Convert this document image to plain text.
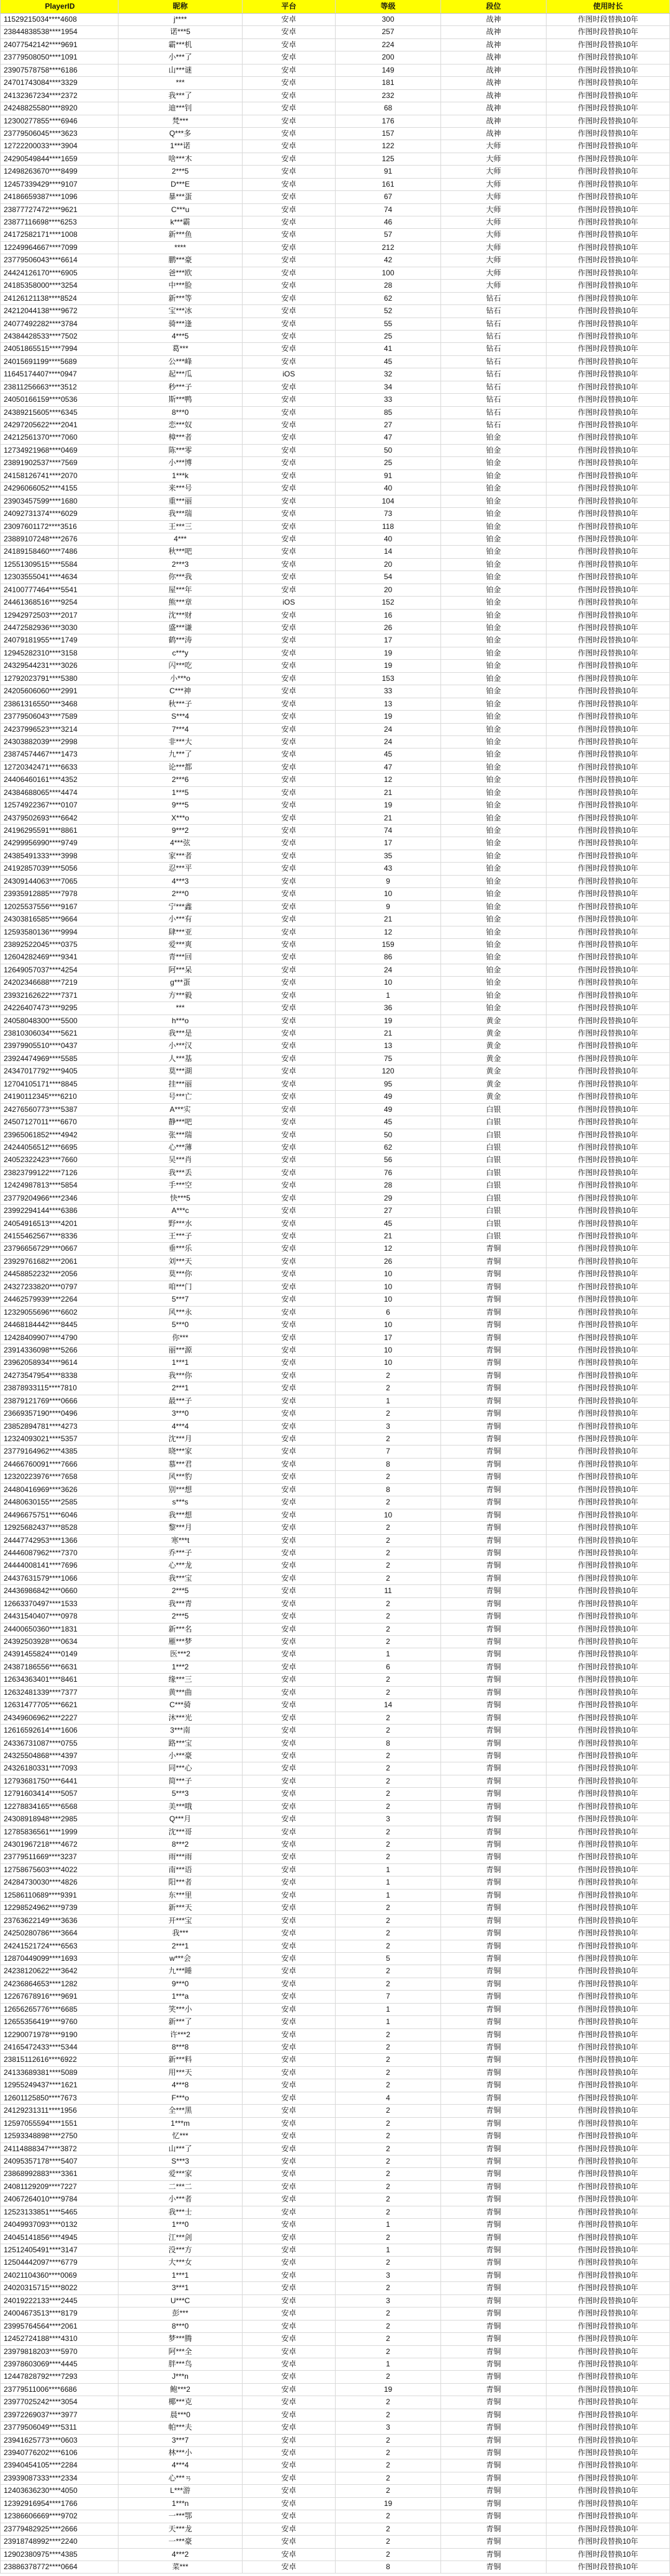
PlayerID	昵称	平台	等级	段位	使用时长
11529215034****4608	j****	安卓	300	战神	作图时段替换10年
23844838538****1954	诺***5	安卓	257	战神	作图时段替换10年
24077542142****9691	霸***机	安卓	224	战神	作图时段替换10年
23779508050****1091	小***了	安卓	200	战神	作图时段替换10年
23907578758****6186	山***谜	安卓	149	战神	作图时段替换10年
24701743084****3329	***	安卓	181	战神	作图时段替换10年
24132367234****2372	我***了	安卓	232	战神	作图时段替换10年
24248825580****8920	迪***钊	安卓	68	战神	作图时段替换10年
12300277855****6946	梵***	安卓	176	战神	作图时段替换10年
23779506045****3623	Q***多	安卓	157	战神	作图时段替换10年
12722200033****3904	1***诺	安卓	122	大师	作图时段替换10年
24290549844****1659	啥***木	安卓	125	大师	作图时段替换10年
12498263670****8499	2***5	安卓	91	大师	作图时段替换10年
12457339429****9107	D***E	安卓	161	大师	作图时段替换10年
24186659387****1096	暴***蛋	安卓	67	大师	作图时段替换10年
23877727472****9621	C***u	安卓	74	大师	作图时段替换10年
23877116698****6253	k***霸	安卓	46	大师	作图时段替换10年
24172582171****1008	新***鱼	安卓	57	大师	作图时段替换10年
12249964667****7099	****	安卓	212	大师	作图时段替换10年
23779506043****6614	鹏***豪	安卓	42	大师	作图时段替换10年
24424126170****6905	爸***欧	安卓	100	大师	作图时段替换10年
24185358000****3254	中***脸	安卓	28	大师	作图时段替换10年
24126121138****8524	新***等	安卓	62	钻石	作图时段替换10年
24212044138****9672	宝***冰	安卓	52	钻石	作图时段替换10年
24077492282****3784	骑***逢	安卓	55	钻石	作图时段替换10年
24384428533****7502	4***5	安卓	25	钻石	作图时段替换10年
24051865515****7994	葛***	安卓	41	钻石	作图时段替换10年
24015691199****5689	公***峰	安卓	45	钻石	作图时段替换10年
11645174407****0947	起***瓜	iOS	32	钻石	作图时段替换10年
23811256663****3512	秒***子	安卓	34	钻石	作图时段替换10年
24050166159****0536	斯***鸭	安卓	33	钻石	作图时段替换10年
24389215605****6345	8***0	安卓	85	钻石	作图时段替换10年
24297205622****2041	恋***奴	安卓	27	钻石	作图时段替换10年
24212561370****7060	樟***者	安卓	47	铂金	作图时段替换10年
12734921968****0469	陈***零	安卓	50	铂金	作图时段替换10年
23891902537****7569	小***博	安卓	25	铂金	作图时段替换10年
24158126741****2070	1***k	安卓	91	铂金	作图时段替换10年
24296066052****4155	来***号	安卓	40	铂金	作图时段替换10年
23903457599****1680	重***丽	安卓	104	铂金	作图时段替换10年
24092731374****6029	我***瑞	安卓	73	铂金	作图时段替换10年
23097601172****3516	王***三	安卓	118	铂金	作图时段替换10年
23889107248****2676	4***	安卓	40	铂金	作图时段替换10年
24189158460****7486	秋***吧	安卓	14	铂金	作图时段替换10年
12551309515****5584	2***3	安卓	20	铂金	作图时段替换10年
12303555041****4634	你***我	安卓	54	铂金	作图时段替换10年
24100777464****5541	屋***年	安卓	20	铂金	作图时段替换10年
24461368516****9254	熊***章	iOS	152	铂金	作图时段替换10年
12942972503****2017	沈***财	安卓	16	铂金	作图时段替换10年
24472582936****3030	盛***谦	安卓	26	铂金	作图时段替换10年
24079181955****1749	鹤***涛	安卓	17	铂金	作图时段替换10年
12945282310****3158	c***y	安卓	19	铂金	作图时段替换10年
24329544231****3026	闪***吃	安卓	19	铂金	作图时段替换10年
12792023791****5380	小***o	安卓	153	铂金	作图时段替换10年
24205606060****2991	C***神	安卓	33	铂金	作图时段替换10年
23861316550****3468	秋***子	安卓	13	铂金	作图时段替换10年
23779506043****7589	S***4	安卓	19	铂金	作图时段替换10年
24237996523****3214	7***4	安卓	24	铂金	作图时段替换10年
24303882039****2998	非***大	安卓	24	铂金	作图时段替换10年
23874574467****1473	九***了	安卓	45	铂金	作图时段替换10年
12720342471****6633	论***都	安卓	47	铂金	作图时段替换10年
24406460161****4352	2***6	安卓	12	铂金	作图时段替换10年
24384688065****4474	1***5	安卓	21	铂金	作图时段替换10年
12574922367****0107	9***5	安卓	19	铂金	作图时段替换10年
24379502693****6642	X***o	安卓	21	铂金	作图时段替换10年
24196295591****8861	9***2	安卓	74	铂金	作图时段替换10年
24299956990****9749	4***弦	安卓	17	铂金	作图时段替换10年
24385491333****3998	家***者	安卓	35	铂金	作图时段替换10年
24192857039****5056	忍***平	安卓	43	铂金	作图时段替换10年
24309144063****7065	4***3	安卓	9	铂金	作图时段替换10年
23935912885****7978	2***0	安卓	10	铂金	作图时段替换10年
12025537556****9167	宁***鑫	安卓	9	铂金	作图时段替换10年
24303816585****9664	小***有	安卓	21	铂金	作图时段替换10年
12593580136****9994	肆***亚	安卓	12	铂金	作图时段替换10年
23892522045****0375	爱***爽	安卓	159	铂金	作图时段替换10年
12604282469****9341	青***回	安卓	86	铂金	作图时段替换10年
12649057037****4254	阿***呆	安卓	24	铂金	作图时段替换10年
24202346688****7219	g***蛋	安卓	10	铂金	作图时段替换10年
23932162622****7371	方***毅	安卓	1	铂金	作图时段替换10年
24226407473****9295	***	安卓	36	铂金	作图时段替换10年
24058048300****5500	h***o	安卓	19	黄金	作图时段替换10年
23810306034****5621	我***是	安卓	21	黄金	作图时段替换10年
23979905510****0437	小***汉	安卓	13	黄金	作图时段替换10年
23924474969****5585	人***基	安卓	75	黄金	作图时段替换10年
24347017792****9405	莫***湖	安卓	120	黄金	作图时段替换10年
12704105171****8845	挂***丽	安卓	95	黄金	作图时段替换10年
24190112345****6210	号***亡	安卓	49	黄金	作图时段替换10年
24276560773****5387	A***实	安卓	49	白银	作图时段替换10年
24507127011****6670	静***吧	安卓	45	白银	作图时段替换10年
23965061852****4942	张***瑞	安卓	50	白银	作图时段替换10年
24244056512****6695	心***薄	安卓	62	白银	作图时段替换10年
24052322423****7660	吴***肖	安卓	56	白银	作图时段替换10年
23823799122****7126	我***丢	安卓	76	白银	作图时段替换10年
12424987813****5854	手***空	安卓	28	白银	作图时段替换10年
23779204966****2346	快***5	安卓	29	白银	作图时段替换10年
23992294144****6386	A***c	安卓	27	白银	作图时段替换10年
24054916513****4201	野***水	安卓	45	白银	作图时段替换10年
24155462567****8336	王***子	安卓	21	白银	作图时段替换10年
23796656729****0667	垂***乐	安卓	12	青铜	作图时段替换10年
23929761682****2061	刘***天	安卓	26	青铜	作图时段替换10年
24458852232****2056	莫***你	安卓	10	青铜	作图时段替换10年
24327233820****0797	咱***门	安卓	10	青铜	作图时段替换10年
24462579939****2264	5***7	安卓	10	青铜	作图时段替换10年
12329055696****6602	风***永	安卓	6	青铜	作图时段替换10年
24468184442****8445	5***0	安卓	10	青铜	作图时段替换10年
12428409907****4790	你***	安卓	17	青铜	作图时段替换10年
23914336098****5266	丽***源	安卓	10	青铜	作图时段替换10年
23962058934****9614	1***1	安卓	10	青铜	作图时段替换10年
24273547954****8338	我***你	安卓	2	青铜	作图时段替换10年
23878933115****7810	2***1	安卓	2	青铜	作图时段替换10年
23879121769****0666	最***子	安卓	1	青铜	作图时段替换10年
23669357190****0496	3***0	安卓	2	青铜	作图时段替换10年
23852894781****4273	4***4	安卓	3	青铜	作图时段替换10年
12324093021****5357	沈***月	安卓	2	青铜	作图时段替换10年
23779164962****4385	晓***家	安卓	7	青铜	作图时段替换10年
24466760091****7666	慕***君	安卓	8	青铜	作图时段替换10年
12320223976****7658	风***豹	安卓	2	青铜	作图时段替换10年
24480416969****3626	别***想	安卓	8	青铜	作图时段替换10年
24480630155****2585	s***s	安卓	2	青铜	作图时段替换10年
24496675751****6046	我***想	安卓	10	青铜	作图时段替换10年
12925682437****8528	黎***月	安卓	2	青铜	作图时段替换10年
24447742953****1366	寒***t	安卓	2	青铜	作图时段替换10年
24446087962****7370	乔***子	安卓	2	青铜	作图时段替换10年
24444008141****7696	心***龙	安卓	2	青铜	作图时段替换10年
24437631579****1066	我***宝	安卓	2	青铜	作图时段替换10年
24436986842****0660	2***5	安卓	11	青铜	作图时段替换10年
12663370497****1533	我***青	安卓	2	青铜	作图时段替换10年
24431540407****0978	2***5	安卓	2	青铜	作图时段替换10年
24400650360****1831	新***名	安卓	2	青铜	作图时段替换10年
24392503928****0634	雁***梦	安卓	2	青铜	作图时段替换10年
24391455824****0149	医***2	安卓	1	青铜	作图时段替换10年
24387186556****6631	1***2	安卓	6	青铜	作图时段替换10年
12634363401****8461	缘***三	安卓	2	青铜	作图时段替换10年
12632481339****7377	黄***曲	安卓	2	青铜	作图时段替换10年
12631477705****6621	C***骑	安卓	14	青铜	作图时段替换10年
24349606962****2227	沐***光	安卓	2	青铜	作图时段替换10年
12616592614****1606	3***南	安卓	2	青铜	作图时段替换10年
24336731087****0755	路***宝	安卓	8	青铜	作图时段替换10年
24325504868****4397	小***豪	安卓	2	青铜	作图时段替换10年
24326180331****7093	同***心	安卓	2	青铜	作图时段替换10年
12793681750****6441	简***子	安卓	2	青铜	作图时段替换10年
12791603414****5057	5***3	安卓	2	青铜	作图时段替换10年
12278834165****6568	美***哦	安卓	2	青铜	作图时段替换10年
24308918948****2985	Q***月	安卓	3	青铜	作图时段替换10年
12785836561****1999	沈***哥	安卓	2	青铜	作图时段替换10年
24301967218****4672	8***2	安卓	2	青铜	作图时段替换10年
23779511669****3237	雨***雨	安卓	2	青铜	作图时段替换10年
12758675603****4022	南***语	安卓	1	青铜	作图时段替换10年
24284730030****4826	阳***者	安卓	1	青铜	作图时段替换10年
12586110689****9391	东***里	安卓	1	青铜	作图时段替换10年
12298524962****9739	新***天	安卓	2	青铜	作图时段替换10年
23763622149****3636	开***宝	安卓	2	青铜	作图时段替换10年
24250280786****3664	我***	安卓	2	青铜	作图时段替换10年
24241521724****6563	2***1	安卓	2	青铜	作图时段替换10年
12870449099****1693	w***会	安卓	5	青铜	作图时段替换10年
24238120622****3642	九***睡	安卓	2	青铜	作图时段替换10年
24236864653****1282	9***0	安卓	2	青铜	作图时段替换10年
12267678916****9691	1***a	安卓	7	青铜	作图时段替换10年
12656265776****6685	笑***小	安卓	1	青铜	作图时段替换10年
12655356419****9760	新***了	安卓	1	青铜	作图时段替换10年
12290071978****9190	许***2	安卓	2	青铜	作图时段替换10年
24165472433****5344	8***8	安卓	2	青铜	作图时段替换10年
23815112616****6922	新***料	安卓	2	青铜	作图时段替换10年
24133689381****5089	用***天	安卓	2	青铜	作图时段替换10年
12955249437****1621	4***8	安卓	2	青铜	作图时段替换10年
12601125850****7673	F***o	安卓	4	青铜	作图时段替换10年
24129231311****1956	全***黑	安卓	2	青铜	作图时段替换10年
12597055594****1551	1***m	安卓	2	青铜	作图时段替换10年
12593348898****2750	忆***	安卓	2	青铜	作图时段替换10年
24114888347****3872	山***了	安卓	2	青铜	作图时段替换10年
24095357178****5407	S***3	安卓	2	青铜	作图时段替换10年
23868992883****3361	爱***家	安卓	2	青铜	作图时段替换10年
24081129209****7227	二***二	安卓	2	青铜	作图时段替换10年
24067264010****9784	小***者	安卓	2	青铜	作图时段替换10年
12523133851****5465	我***士	安卓	2	青铜	作图时段替换10年
24049937093****0132	1***0	安卓	1	青铜	作图时段替换10年
24045141856****4945	江***剑	安卓	2	青铜	作图时段替换10年
12512405491****3147	没***方	安卓	1	青铜	作图时段替换10年
12504442097****6779	大***女	安卓	2	青铜	作图时段替换10年
24021104360****0069	1***1	安卓	3	青铜	作图时段替换10年
24020315715****8022	3***1	安卓	2	青铜	作图时段替换10年
24019222133****2445	U***C	安卓	3	青铜	作图时段替换10年
24004673513****8179	彭***	安卓	2	青铜	作图时段替换10年
23995764564****2061	8***0	安卓	2	青铜	作图时段替换10年
12452724188****4310	梦***腾	安卓	2	青铜	作图时段替换10年
23979818203****5970	阿***全	安卓	2	青铜	作图时段替换10年
23978603069****4445	胖***鸟	安卓	1	青铜	作图时段替换10年
12447828792****7293	J***n	安卓	2	青铜	作图时段替换10年
23779511006****6686	鲍***2	安卓	19	青铜	作图时段替换10年
23977025242****3054	椰***克	安卓	2	青铜	作图时段替换10年
23972269037****3977	晨***0	安卓	2	青铜	作图时段替换10年
23779506049****5311	帕***夫	安卓	3	青铜	作图时段替换10年
23941625773****0603	3***7	安卓	2	青铜	作图时段替换10年
23940776202****6106	林***小	安卓	2	青铜	作图时段替换10年
23940454105****2284	4***4	安卓	2	青铜	作图时段替换10年
23939087333****2334	心***ㄢ	安卓	2	青铜	作图时段替换10年
12403636230****4050	L***游	安卓	2	青铜	作图时段替换10年
12392916954****1766	1***n	安卓	19	青铜	作图时段替换10年
12386606669****9702	一***鄂	安卓	2	青铜	作图时段替换10年
23779482925****2666	天***龙	安卓	2	青铜	作图时段替换10年
23918748992****2240	一***豪	安卓	2	青铜	作图时段替换10年
12902380975****4385	4***2	安卓	2	青铜	作图时段替换10年
23886378772****0664	菜***	安卓	8	青铜	作图时段替换10年
